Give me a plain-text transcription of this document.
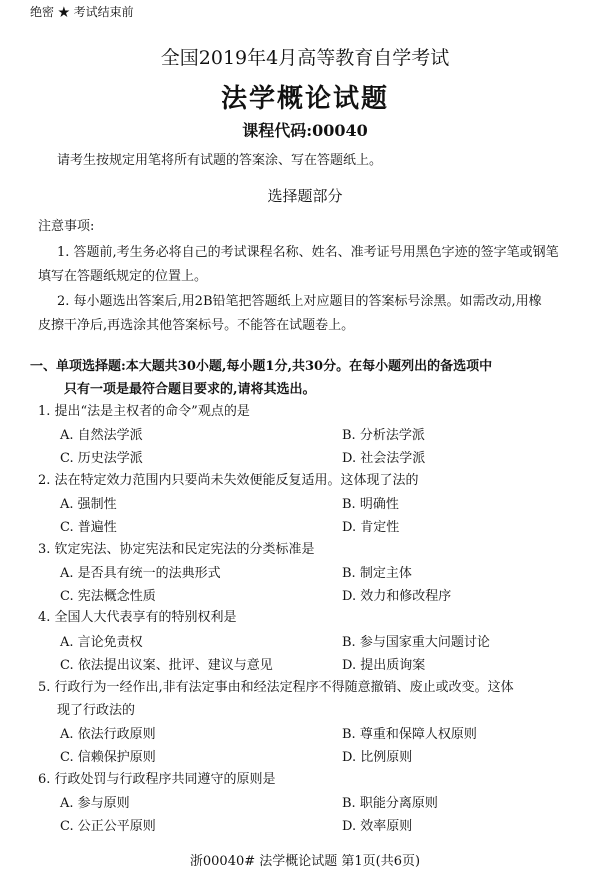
绝密 ★ 考试结束前
全国2019年4月高等教育自学考试
法学概论试题
课程代码:00040
请考生按规定用笔将所有试题的答案涂、写在答题纸上。
选择题部分
注意事项:
1. 答题前,考生务必将自己的考试课程名称、姓名、准考证号用黑色字迹的签字笔或钢笔
填写在答题纸规定的位置上。
2. 每小题选出答案后,用2B铅笔把答题纸上对应题目的答案标号涂黑。如需改动,用橡
皮擦干净后,再选涂其他答案标号。不能答在试题卷上。
一、单项选择题:本大题共30小题,每小题1分,共30分。在每小题列出的备选项中
只有一项是最符合题目要求的,请将其选出。
1. 提出“法是主权者的命令”观点的是
A. 自然法学派	B. 分析法学派
C. 历史法学派	D. 社会法学派
2. 法在特定效力范围内只要尚未失效便能反复适用。这体现了法的
A. 强制性	B. 明确性
C. 普遍性	D. 肯定性
3. 钦定宪法、协定宪法和民定宪法的分类标准是
A. 是否具有统一的法典形式	B. 制定主体
C. 宪法概念性质	D. 效力和修改程序
4. 全国人大代表享有的特别权利是
A. 言论免责权	B. 参与国家重大问题讨论
C. 依法提出议案、批评、建议与意见	D. 提出质询案
5. 行政行为一经作出,非有法定事由和经法定程序不得随意撤销、废止或改变。这体
现了行政法的
A. 依法行政原则	B. 尊重和保障人权原则
C. 信赖保护原则	D. 比例原则
6. 行政处罚与行政程序共同遵守的原则是
A. 参与原则	B. 职能分离原则
C. 公正公平原则	D. 效率原则
浙00040# 法学概论试题 第1页(共6页)
